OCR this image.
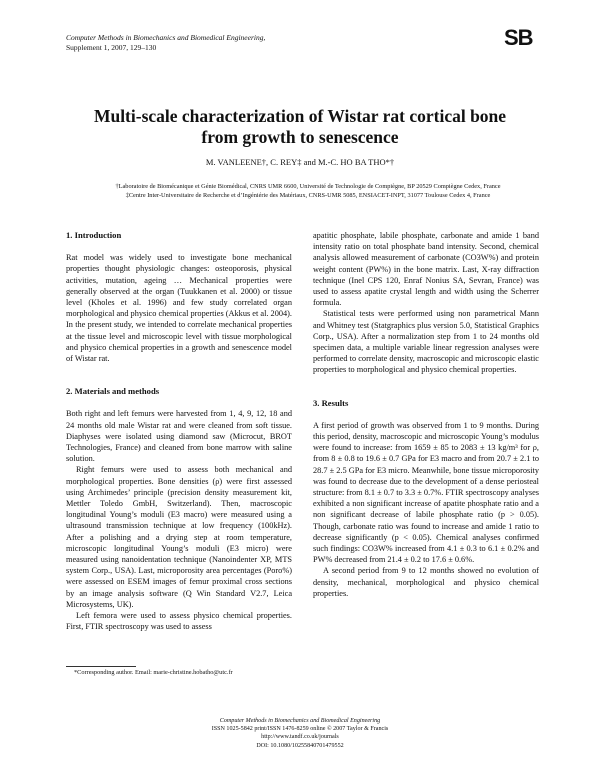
Computer Methods in Biomechanics and Biomedical Engineering,
Supplement 1, 2007, 129–130	SB
Multi-scale characterization of Wistar rat cortical bone
from growth to senescence
M. VANLEENE†, C. REY‡ and M.-C. HO BA THO*†
†Laboratoire de Biomécanique et Génie Biomédical, CNRS UMR 6600, Université de Technologie de Compiègne, BP 20529 Compiègne Cedex, France
‡Centre Inter-Universitaire de Recherche et d’Ingéniérie des Matériaux, CNRS-UMR 5085, ENSIACET-INPT, 31077 Toulouse Cedex 4, France
1. Introduction

Rat model was widely used to investigate bone mechanical properties thought physiologic changes: osteoporosis, physical activities, mutation, ageing … Mechanical properties were generally observed at the organ (Tuukkanen et al. 2000) or tissue level (Kholes et al. 1996) and few study correlated organ morphological and physico chemical properties (Akkus et al. 2004). In the present study, we intended to correlate mechanical properties at the tissue level and microscopic level with tissue morphological and physico chemical properties in a growth and senescence model of Wistar rat.

2. Materials and methods

Both right and left femurs were harvested from 1, 4, 9, 12, 18 and 24 months old male Wistar rat and were cleaned from soft tissue. Diaphyses were isolated using diamond saw (Microcut, BROT Technologies, France) and cleaned from bone marrow with saline solution.

Right femurs were used to assess both mechanical and morphological properties. Bone densities (ρ) were first assessed using Archimedes’ principle (precision density measurement kit, Mettler Toledo GmbH, Switzerland). Then, macroscopic longitudinal Young’s moduli (E3 macro) were measured using a ultrasound transmission technique at low frequency (100kHz). After a polishing and a drying step at room temperature, microscopic longitudinal Young’s moduli (E3 micro) were measured using nanoidentation technique (Nanoindenter XP, MTS system Corp., USA). Last, microporosity area percentages (Poro%) were assessed on ESEM images of femur proximal cross sections by an image analysis software (Q Win Standard V2.7, Leica Microsystems, UK).

Left femora were used to assess physico chemical properties. First, FTIR spectroscopy was used to assess

apatitic phosphate, labile phosphate, carbonate and amide 1 band intensity ratio on total phosphate band intensity. Second, chemical analysis allowed measurement of carbonate (CO3W%) and protein weight content (PW%) in the bone matrix. Last, X-ray diffraction technique (Inel CPS 120, Enraf Nonius SA, Sevran, France) was used to assess apatite crystal length and width using the Scherrer formula.

Statistical tests were performed using non parametrical Mann and Whitney test (Statgraphics plus version 5.0, Statistical Graphics Corp., USA). After a normalization step from 1 to 24 months old specimen data, a multiple variable linear regression analyses were performed to correlate density, macroscopic and microscopic elastic properties to morphological and physico chemical properties.

3. Results

A first period of growth was observed from 1 to 9 months. During this period, density, macroscopic and microscopic Young’s modulus were found to increase: from 1659 ± 85 to 2083 ± 13 kg/m³ for ρ, from 8 ± 0.8 to 19.6 ± 0.7 GPa for E3 macro and from 20.7 ± 2.1 to 28.7 ± 2.5 GPa for E3 micro. Meanwhile, bone tissue microporosity was found to decrease due to the development of a dense periosteal structure: from 8.1 ± 0.7 to 3.3 ± 0.7%. FTIR spectroscopy analyses exhibited a non significant increase of apatite phosphate ratio and a non significant decrease of labile phosphate ratio (p > 0.05). Though, carbonate ratio was found to increase and amide 1 ratio to decrease significantly (p < 0.05). Chemical analyses confirmed such findings: CO3W% increased from 4.1 ± 0.3 to 6.1 ± 0.2% and PW% decreased from 21.4 ± 0.2 to 17.6 ± 0.6%.

A second period from 9 to 12 months showed no evolution of density, mechanical, morphological and physico chemical properties.

*Corresponding author. Email: marie-christine.hobatho@utc.fr
Computer Methods in Biomechanics and Biomedical Engineering
ISSN 1025-5842 print/ISSN 1476-8259 online © 2007 Taylor & Francis
http://www.tandf.co.uk/journals
DOI: 10.1080/10255840701479552
